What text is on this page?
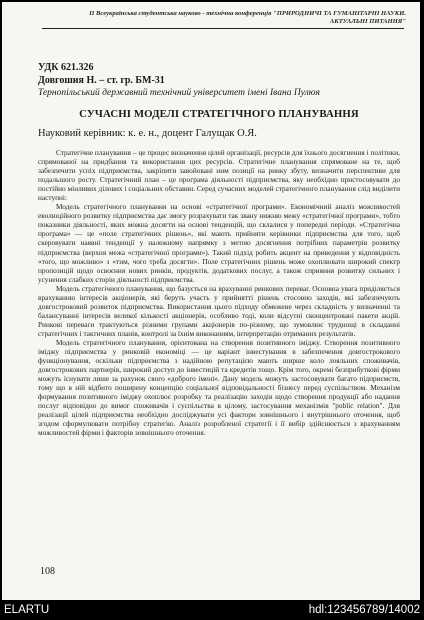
ІІ Всеукраїнська студентська науково - технічна конференція "ПРИРОДНИЧІ ТА ГУМАНІТАРНІ НАУКИ.
АКТУАЛЬНІ ПИТАННЯ"
УДК 621.326
Довгошия Н. – ст. гр. БМ-31
Тернопільський державний технічний університет імені Івана Пулюя
СУЧАСНІ МОДЕЛІ СТРАТЕГІЧНОГО ПЛАНУВАННЯ
Науковий керівник: к. е. н., доцент Галущак О.Я.

Стратегічне планування – це процес визначення цілей організації, ресурсів для їхнього досягнення і політики, спрямованої на придбання та використання цих ресурсів. Стратегічне планування спрямоване на те, щоб забезпечити успіх підприємства, закріпити завойовані ним позиції на ринку збуту, визначити перспективи для подальшого росту. Стратегічний план – це програма діяльності підприємства, яку необхідно пристосовувати до постійно мінливих ділових і соціальних обставин. Серед сучасних моделей стратегічного планування слід виділити наступні:

Модель стратегічного планування на основі «стратегічної програми». Економічний аналіз можливостей еволюційного розвитку підприємства дає змогу розрахувати так звану нижню межу «стратегічної програми», тобто показники діяльності, яких можна досягти на основі тенденцій, що склалися у попередні періоди. «Стратегічна програма» — це «поле стратегічних рішень», які мають прийняти керівники підприємства для того, щоб скеровувати наявні тенденції у належному напрямку з метою досягнення потрібних параметрів розвитку підприємства (верхня межа «стратегічної програми»). Такий підхід робить акцент на приведення у відповідність «того, що можливо» з «тим, чого треба досягти». Поле стратегічних рішень може охоплювати широкий спектр пропозицій щодо освоєння нових ринків, продуктів, додаткових послуг, а також сприяння розвитку сильних і усунення слабких сторін діяльності підприємства.

Модель стратегічного планування, що базується на врахуванні ринкових переваг. Основна увага приділяється врахуванню інтересів акціонерів, які беруть участь у прийнятті рішень стосовно заходів, які забезпечують довгостроковий розвиток підприємства. Використання цього підходу обмежене через складність у визначенні та балансуванні інтересів великої кількості акціонерів, особливо тоді, коли відсутні сконцентровані пакети акцій. Ринкові переваги трактуються різними групами акціонерів по-різному, що зумовлює труднощі в складанні стратегічних і тактичних планів, контролі за їхнім виконанням, інтерпретацію отриманих результатів.

Модель стратегічного планування, орієнтована на створення позитивного іміджу. Створення позитивного іміджу підприємства у ринковій економіці — це варіант інвестування в забезпечення довгострокового функціонування, оскільки підприємства з надійною репутацією мають ширше коло лояльних споживачів, довгострокових партнерів, широкий доступ до інвестицій та кредитів тощо. Крім того, окремі безприбуткові фірми можуть існувати лише за рахунок свого «доброго імені». Дану модель можуть застосовувати багато підприємств, тому що в ній відбито поширену концепцію соціальної відповідальності бізнесу перед суспільством. Механізм формування позитивного іміджу охоплює розробку та реалізацію заходів щодо створення продукції або надання послуг відповідно до вимог споживачів і суспільства в цілому, застосування механізмів "public relation". Для реалізації цілей підприємства необхідно досліджувати усі фактори зовнішнього і внутрішнього оточення, щоб згодом сформулювати потрібну стратегію. Аналіз розробленої стратегії і її вибір здійснюється з врахуванням можливостей фірми і факторів зовнішнього оточення.

108
ELARTU	hdl:123456789/14002
